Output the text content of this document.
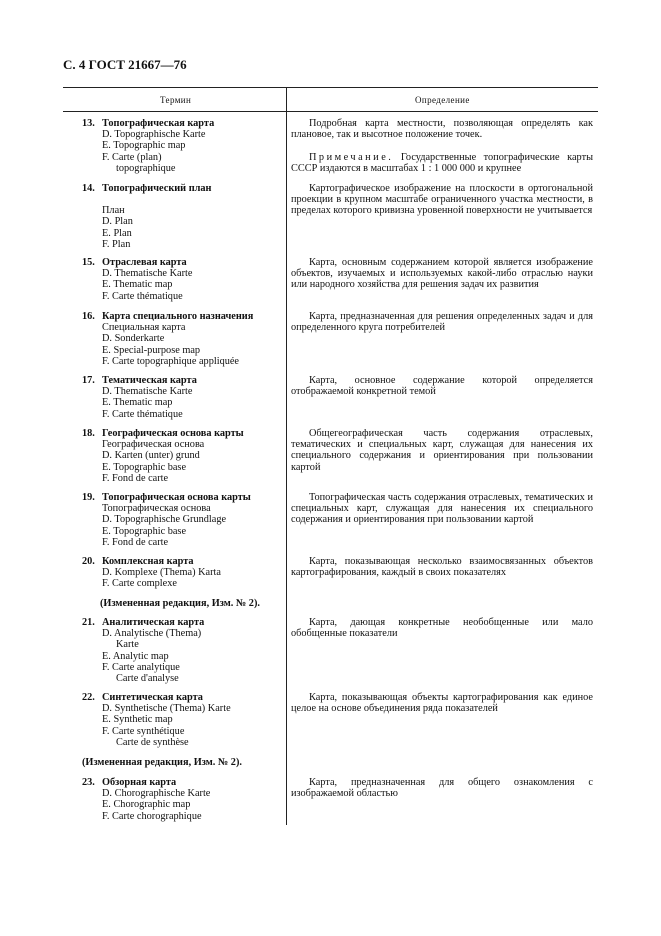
С. 4 ГОСТ 21667—76
Термин	Определение
13. Топографическая карта
D. Topographische Karte
E. Topographic map
F. Carte (plan)
topographique
Подробная карта местности, позволяющая определять как плановое, так и высотное положение точек.
Примечание. Государственные топографические карты СССР издаются в масштабах 1 : 1 000 000 и крупнее
14. Топографический план
План
D. Plan
E. Plan
F. Plan
Картографическое изображение на плоскости в ортогональной проекции в крупном масштабе ограниченного участка местности, в пределах которого кривизна уровенной поверхности не учитывается
15. Отраслевая карта
D. Thematische Karte
E. Thematic map
F. Carte thématique
Карта, основным содержанием которой является изображение объектов, изучаемых и используемых какой-либо отраслью науки или народного хозяйства для решения задач их развития
16. Карта специального назначения
Специальная карта
D. Sonderkarte
E. Special-purpose map
F. Carte topographique appliquée
Карта, предназначенная для решения определенных задач и для определенного круга потребителей
17. Тематическая карта
D. Thematische Karte
E. Thematic map
F. Carte thématique
Карта, основное содержание которой определяется отображаемой конкретной темой
18. Географическая основа карты
Географическая основа
D. Karten (unter) grund
E. Topographic base
F. Fond de carte
Общегеографическая часть содержания отраслевых, тематических и специальных карт, служащая для нанесения их специального содержания и ориентирования при пользовании картой
19. Топографическая основа карты
Топографическая основа
D. Topographische Grundlage
E. Topographic base
F. Fond de carte
Топографическая часть содержания отраслевых, тематических и специальных карт, служащая для нанесения их специального содержания и ориентирования при пользовании картой
20. Комплексная карта
D. Komplexe (Thema) Karta
F. Carte complexe
Карта, показывающая несколько взаимосвязанных объектов картографирования, каждый в своих показателях
(Измененная редакция, Изм. № 2).
21. Аналитическая карта
D. Analytische (Thema)
Karte
E. Analytic map
F. Carte analytique
Carte d'analyse
Карта, дающая конкретные необобщенные или мало обобщенные показатели
22. Синтетическая карта
D. Synthetische (Thema) Karte
E. Synthetic map
F. Carte synthétique
Carte de synthèse
Карта, показывающая объекты картографирования как единое целое на основе объединения ряда показателей
(Измененная редакция, Изм. № 2).
23. Обзорная карта
D. Chorographische Karte
E. Chorographic map
F. Carte chorographique
Карта, предназначенная для общего ознакомления с изображаемой областью
